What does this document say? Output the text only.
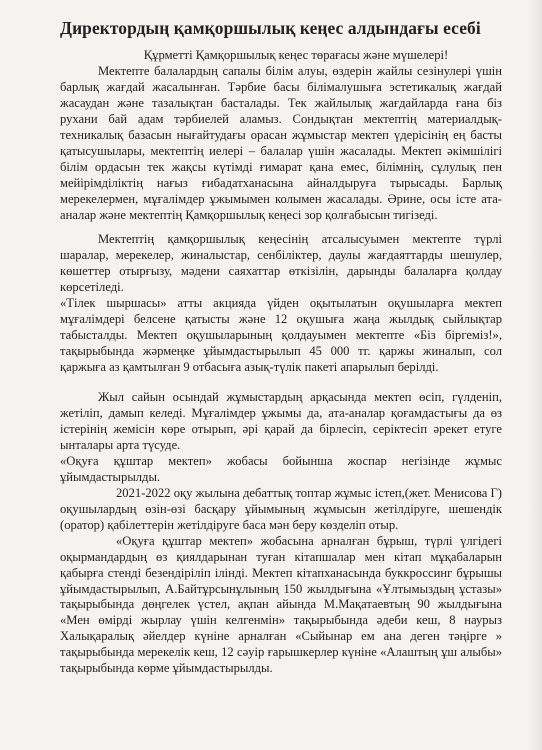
Директордың қамқоршылық кеңес алдындағы есебі

Құрметті Қамқоршылық кеңес төрағасы және мүшелері!

Мектепте балалардың сапалы білім алуы, өздерін жайлы сезінулері үшін барлық жағдай жасалынған. Тәрбие басы білімалушыға эстетикалық жағдай жасаудан және тазалықтан басталады. Тек жайлылық жағдайларда ғана біз рухани бай адам тәрбиелей аламыз. Сондықтан мектептің материалдық-техникалық базасын нығайтудағы орасан жұмыстар мектеп үдерісінің ең басты қатысушылары, мектептің иелері – балалар үшін жасалады. Мектеп әкімшілігі білім ордасын тек жақсы күтімді ғимарат қана емес, білімнің, сұлулық пен мейірімділіктің нағыз ғибадатханасына айналдыруға тырысады. Барлық мерекелермен, мұғалімдер ұжымымен колымен жасалады. Әрине, осы істе ата-аналар және мектептің Қамқоршылық кеңесі зор қолғабысын тигізеді.

Мектептің қамқоршылық кеңесінің атсалысуымен мектепте түрлі шаралар, мерекелер, жиналыстар, сенбіліктер, даулы жағдаяттарды шешулер, көшеттер отырғызу, мәдени саяхаттар өткізілін, дарынды балаларға қолдау көрсетіледі.

«Тілек шыршасы» атты акцияда үйден оқытылатын оқушыларға мектеп мұғалімдері белсене қатысты және 12 оқушыға жаңа жылдық сыйлықтар табысталды. Мектеп оқушыларының қолдауымен мектепте «Біз біргеміз!», тақырыбында жәрмеңке ұйымдастырылып 45 000 тг. қаржы жиналып, сол қаржыға аз қамтылған 9 отбасыға азық-түлік пакеті апарылып берілді.

Жыл сайын осындай жұмыстардың арқасында мектеп өсіп, гүлденіп, жетіліп, дамып келеді. Мұғалімдер ұжымы да, ата-аналар қоғамдастығы да өз істерінің жемісін көре отырып, әрі қарай да бірлесіп, серіктесіп әрекет етуге ынталары арта түсуде.

«Оқуға құштар мектеп» жобасы бойынша жоспар негізінде жұмыс ұйымдастырылды.

2021-2022 оқу жылына дебаттық топтар жұмыс істеп,(жет. Менисова Г) оқушылардың өзін-өзі басқару ұйымының жұмысын жетілдіруге, шешендік (оратор) қабілеттерін жетілдіруге баса мән беру көзделіп отыр.

«Оқуға құштар мектеп» жобасына арналған бұрыш, түрлі үлгідегі оқырмандардың өз қиялдарынан туған кітапшалар мен кітап мұқабаларын қабырға стенді безендіріліп ілінді. Мектеп кітапханасында буккроссинг бұрышы ұйымдастырылып, А.Байтұрсынұлының 150 жылдығына «Ұлтымыздың ұстазы» тақырыбында дөңгелек үстел, ақпан айында М.Мақатаевтың 90 жылдығына «Мен өмірді жырлау үшін келгенмін» тақырыбында әдеби кеш, 8 наурыз Халықаралық әйелдер күніне арналған «Сыйынар ем ана деген тәңірге » тақырыбында мерекелік кеш, 12 сәуір ғарышкерлер күніне «Алаштың ұш алыбы» тақырыбында көрме ұйымдастырылды.
